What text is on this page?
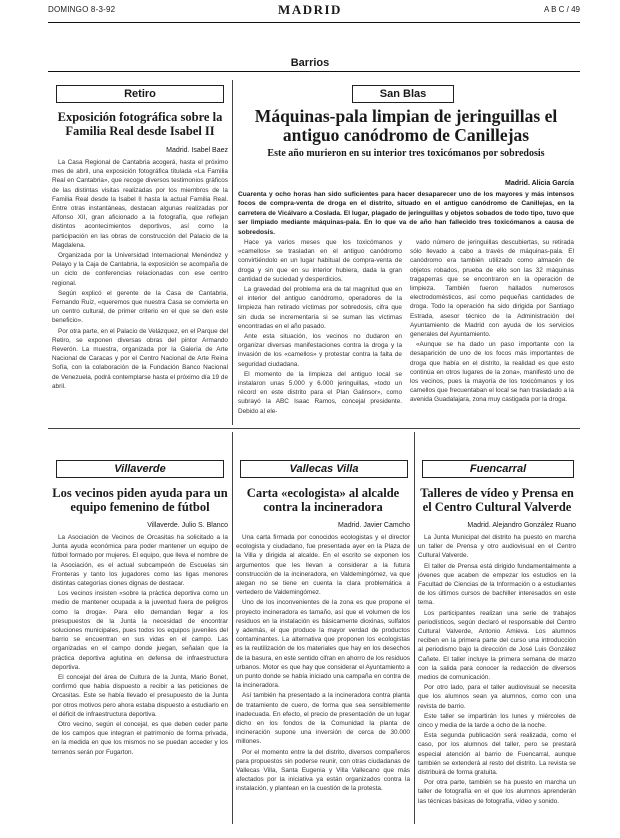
DOMINGO 8-3-92	MADRID	A B C / 49
Barrios
Retiro
Exposición fotográfica sobre la Familia Real desde Isabel II
Madrid. Isabel Baez

La Casa Regional de Cantabria acogerá, hasta el próximo mes de abril, una exposición fotográfica titulada «La Familia Real en Cantabria», que recoge diversos testimonios gráficos de las distintas visitas realizadas por los miembros de la Familia Real desde la Isabel II hasta la actual Familia Real. Entre otras instantáneas, destacan algunas realizadas por Alfonso XII, gran aficionado a la fotografía, que reflejan distintos acontecimientos deportivos, así como la participación en las obras de construcción del Palacio de la Magdalena.

Organizada por la Universidad Internacional Menéndez y Pelayo y la Caja de Cantabria, la exposición se acompaña de un ciclo de conferencias relacionadas con ese centro regional.

Según explicó el gerente de la Casa de Cantabria, Fernando Ruiz, «queremos que nuestra Casa se convierta en un centro cultural, de primer criterio en el que se den este beneficio».

Por otra parte, en el Palacio de Velázquez, en el Parque del Retiro, se exponen diversas obras del pintor Armando Reverón. La muestra, organizada por la Galería de Arte Nacional de Caracas y por el Centro Nacional de Arte Reina Sofía, con la colaboración de la Fundación Banco Nacional de Venezuela, podrá contemplarse hasta el próximo día 19 de abril.

San Blas
Máquinas-pala limpian de jeringuillas el antiguo canódromo de Canillejas
Este año murieron en su interior tres toxicómanos por sobredosis
Madrid. Alicia García
Cuarenta y ocho horas han sido suficientes para hacer desaparecer uno de los mayores y más intensos focos de compra-venta de droga en el distrito, situado en el antiguo canódromo de Canillejas, en la carretera de Vicálvaro a Coslada. El lugar, plagado de jeringuillas y objetos sobados de todo tipo, tuvo que ser limpiado mediante máquinas-pala. En lo que va de año han fallecido tres toxicómanos a causa de sobredosis.

Hace ya varios meses que los toxicómanos y «camellos» se trasladan en el antiguo canódromo convirtiéndolo en un lugar habitual de compra-venta de droga y sin que en su interior hubiera, dada la gran cantidad de suciedad y desperdicios.

La gravedad del problema era de tal magnitud que en el interior del antiguo canódromo, operadores de la limpieza han retirado víctimas por sobredosis, cifra que sin duda se incrementaría si se suman las víctimas encontradas en el año pasado.

Ante esta situación, los vecinos no dudaron en organizar diversas manifestaciones contra la droga y la invasión de los «camellos» y protestar contra la falta de seguridad ciudadana.

El momento de la limpieza del antiguo local se instalaron unas 5.000 y 6.000 jeringuillas, «todo un récord en este distrito para el Plan Galinsor», como subrayó la ABC Isaac Ramos, concejal presidente. Debido al ele-

vado número de jeringuillas descubiertas, su retirada sólo llevado a cabo a través de máquinas-pala. El canódromo era también utilizado como almacén de objetos robados, prueba de ello son las 32 máquinas tragaperras que se encontraron en la operación de limpieza. También fueron hallados numerosos electrodomésticos, así como pequeñas cantidades de droga. Todo la operación ha sido dirigida por Santiago Estrada, asesor técnico de la Administración del Ayuntamiento de Madrid con ayuda de los servicios generales del Ayuntamiento.

«Aunque se ha dado un paso importante con la desaparición de uno de los focos más importantes de droga que había en el distrito, la realidad es que esto continúa en otros lugares de la zona», manifestó uno de los vecinos, pues la mayoría de los toxicómanos y los camellos que frecuentaban el local se han trasladado a la avenida Guadalajara, zona muy castigada por la droga.

Villaverde
Los vecinos piden ayuda para un equipo femenino de fútbol
Villaverde. Julio S. Blanco

La Asociación de Vecinos de Orcasitas ha solicitado a la Junta ayuda económica para poder mantener un equipo de fútbol formado por mujeres. El equipo, que lleva el nombre de la Asociación, es el actual subcampeón de Escuelas sin Fronteras y tanto los jugadores como las ligas menores distintas categorías ciones dignas de destacar.

Los vecinos insisten «sobre la práctica deportiva como un medio de mantener ocupada a la juventud fuera de peligros como la droga». Para ello demandan llegar a los presupuestos de la Junta la necesidad de encontrar soluciones municipales, pues todos los equipos juveniles del barrio se encuentran en sus vidas en el campo. Las organizadas en el campo donde juegan, señalan que la práctica deportiva aglutina en defensa de infraestructura deportiva.

El concejal del área de Cultura de la Junta, Mario Bonet, confirmó que había dispuesto a recibir a las peticiones de Orcasitas. Este se había llevado el presupuesto de la Junta por otros motivos pero ahora estaba dispuesto a estudiarlo en el déficit de infraestructura deportiva.

Otro vecino, según el concejal, es que deben ceder parte de los campos que integran el patrimonio de forma privada, en la medida en que los mismos no se puedan acceder y los terrenos serán por Fugarton.

Vallecas Villa
Carta «ecologista» al alcalde contra la incineradora
Madrid. Javier Camcho

Una carta firmada por conocidos ecologistas y el director ecologista y ciudadano, fue presentada ayer en la Plaza de la Villa y dirigida al alcalde. En el escrito se exponen los argumentos que les llevan a considerar a la futura construcción de la incineradora, en Valdemingómez, va que alegan no se tiene en cuenta la clara problemática a vertedero de Valdemingómez.

Uno de los inconvenientes de la zona es que propone el proyecto incineradora es tamaño, así que el volumen de los residuos en la instalación es básicamente dioxinas, sulfatos y además, el que produce la mayor verdad de productos contaminantes. La alternativa que proponen los ecologistas es la reutilización de los materiales que hay en los desechos de la basura, en este sentido cifran en ahorro de los residuos urbanos. Motor es que hay que considerar el Ayuntamiento a un punto donde se había iniciado una campaña en contra de la incineradora.

Así también ha presentado a la incineradora contra planta de tratamiento de cuero, de forma que sea sensiblemente inadecuada. En efecto, el precio de presentación de un lugar dicho en los fondos de la Comunidad la planta de incineración supone una inversión de cerca de 30.000 millones.

Por el momento entre la del distrito, diversos compañeros para propuestos sin poderse reunir, con otras ciudadanas de Vallecas Villa, Santa Eugenia y Villa Vallecano que más afectados por la iniciativa ya están organizados contra la instalación, y plantean en la cuestión de la protesta.

Fuencarral
Talleres de vídeo y Prensa en el Centro Cultural Valverde
Madrid. Alejandro González Ruano

La Junta Municipal del distrito ha puesto en marcha un taller de Prensa y otro audiovisual en el Centro Cultural Valverde.

El taller de Prensa está dirigido fundamentalmente a jóvenes que acaben de empezar los estudios en la Facultad de Ciencias de la Información o a estudiantes de los últimos cursos de bachiller interesados en este tema.

Los participantes realizan una serie de trabajos periodísticos, según declaró el responsable del Centro Cultural Valverde, Antonio Amieva. Los alumnos reciben en la primera parte del curso una introducción al periodismo bajo la dirección de José Luis González Cañete. El taller incluye la primera semana de marzo con la salida para conocer la redacción de diversos medios de comunicación.

Por otro lado, para el taller audiovisual se necesita que los alumnos sean ya alumnos, como con una revista de barrio.

Este taller se impartirán los lunes y miércoles de cinco y media de la tarde a ocho de la noche.

Esta segunda publicación será realizada, como el caso, por los alumnos del taller, pero se prestará especial atención al barrio de Fuencarral, aunque también se extenderá al resto del distrito. La revista se distribuirá de forma gratuita.

Por otra parte, también se ha puesto en marcha un taller de fotografía en el que los alumnos aprenderán las técnicas básicas de fotografía, vídeo y sonido.
